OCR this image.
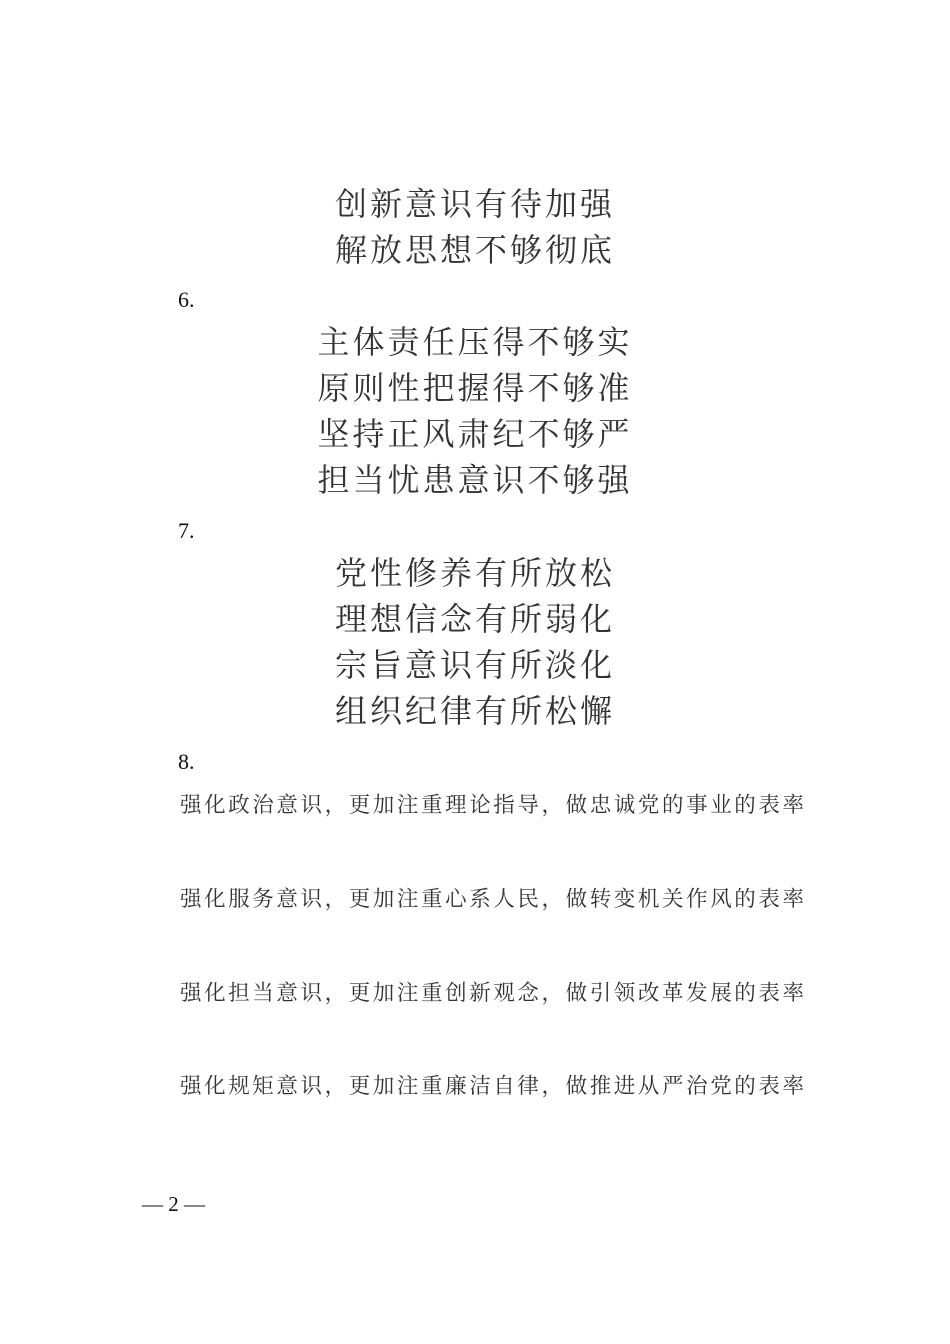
创新意识有待加强
解放思想不够彻底
6.
主体责任压得不够实
原则性把握得不够准
坚持正风肃纪不够严
担当忧患意识不够强
7.
党性修养有所放松
理想信念有所弱化
宗旨意识有所淡化
组织纪律有所松懈
8.
强化政治意识，更加注重理论指导，做忠诚党的事业的表率
强化服务意识，更加注重心系人民，做转变机关作风的表率
强化担当意识，更加注重创新观念，做引领改革发展的表率
强化规矩意识，更加注重廉洁自律，做推进从严治党的表率
— 2 —
